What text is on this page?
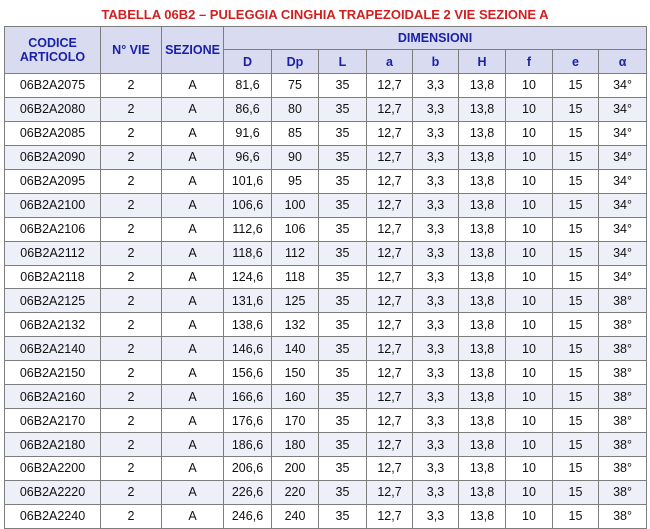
TABELLA 06B2 – PULEGGIA CINGHIA TRAPEZOIDALE 2 VIE SEZIONE A
CODICE
ARTICOLO	N° VIE	SEZIONE	DIMENSIONI								
			D	Dp	L	a	b	H	f	e	α
06B2A2075	2	A	81,6	75	35	12,7	3,3	13,8	10	15	34°
06B2A2080	2	A	86,6	80	35	12,7	3,3	13,8	10	15	34°
06B2A2085	2	A	91,6	85	35	12,7	3,3	13,8	10	15	34°
06B2A2090	2	A	96,6	90	35	12,7	3,3	13,8	10	15	34°
06B2A2095	2	A	101,6	95	35	12,7	3,3	13,8	10	15	34°
06B2A2100	2	A	106,6	100	35	12,7	3,3	13,8	10	15	34°
06B2A2106	2	A	112,6	106	35	12,7	3,3	13,8	10	15	34°
06B2A2112	2	A	118,6	112	35	12,7	3,3	13,8	10	15	34°
06B2A2118	2	A	124,6	118	35	12,7	3,3	13,8	10	15	34°
06B2A2125	2	A	131,6	125	35	12,7	3,3	13,8	10	15	38°
06B2A2132	2	A	138,6	132	35	12,7	3,3	13,8	10	15	38°
06B2A2140	2	A	146,6	140	35	12,7	3,3	13,8	10	15	38°
06B2A2150	2	A	156,6	150	35	12,7	3,3	13,8	10	15	38°
06B2A2160	2	A	166,6	160	35	12,7	3,3	13,8	10	15	38°
06B2A2170	2	A	176,6	170	35	12,7	3,3	13,8	10	15	38°
06B2A2180	2	A	186,6	180	35	12,7	3,3	13,8	10	15	38°
06B2A2200	2	A	206,6	200	35	12,7	3,3	13,8	10	15	38°
06B2A2220	2	A	226,6	220	35	12,7	3,3	13,8	10	15	38°
06B2A2240	2	A	246,6	240	35	12,7	3,3	13,8	10	15	38°
